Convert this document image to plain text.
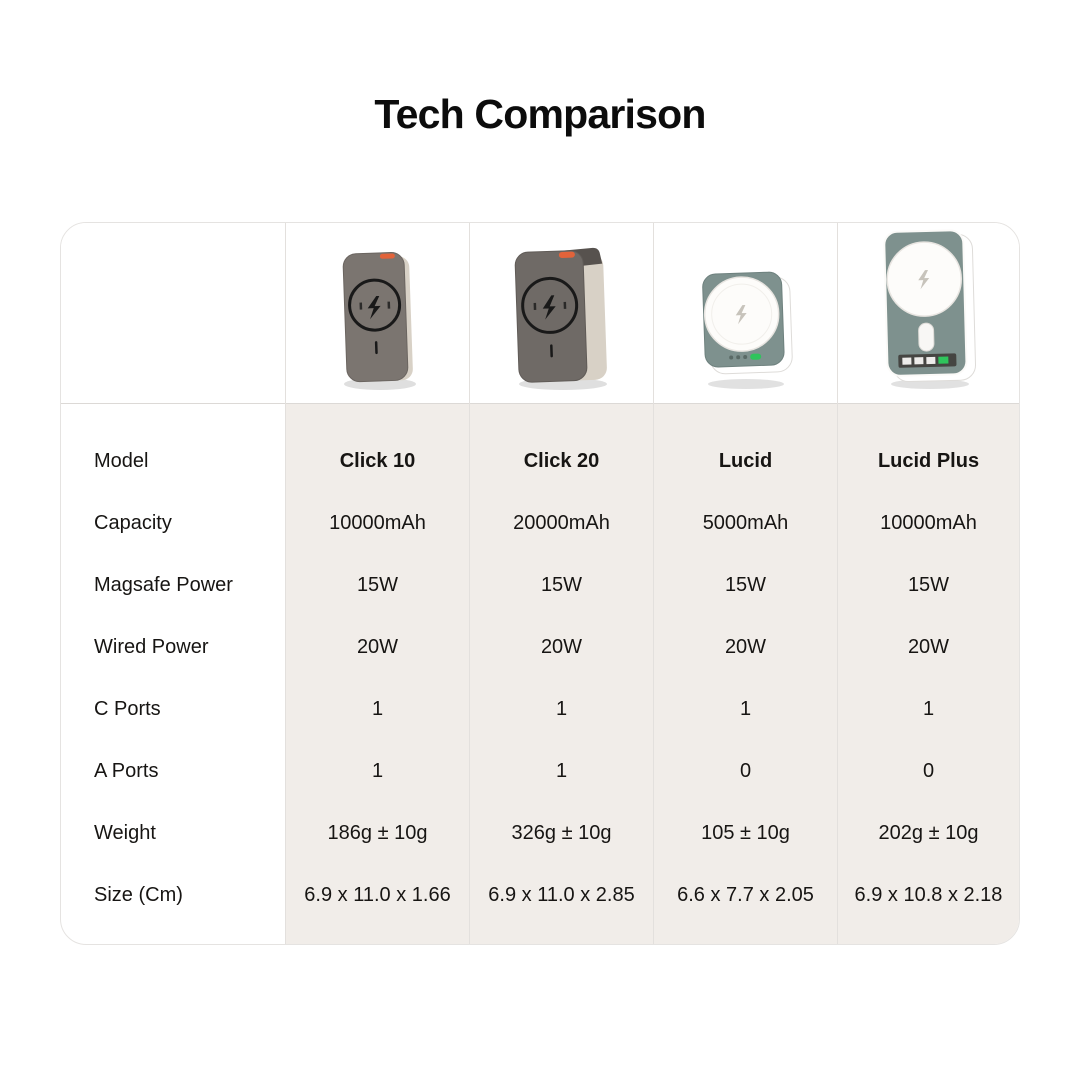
Tech Comparison
Model
Capacity
Magsafe Power
Wired Power
C Ports
A Ports
Weight
Size (Cm)
Click 10
10000mAh
15W
20W
1
1
186g ± 10g
6.9 x 11.0 x 1.66
Click 20
20000mAh
15W
20W
1
1
326g ± 10g
6.9 x 11.0 x 2.85
Lucid
5000mAh
15W
20W
1
0
105 ± 10g
6.6 x 7.7 x 2.05
Lucid Plus
10000mAh
15W
20W
1
0
202g ± 10g
6.9 x 10.8 x 2.18
